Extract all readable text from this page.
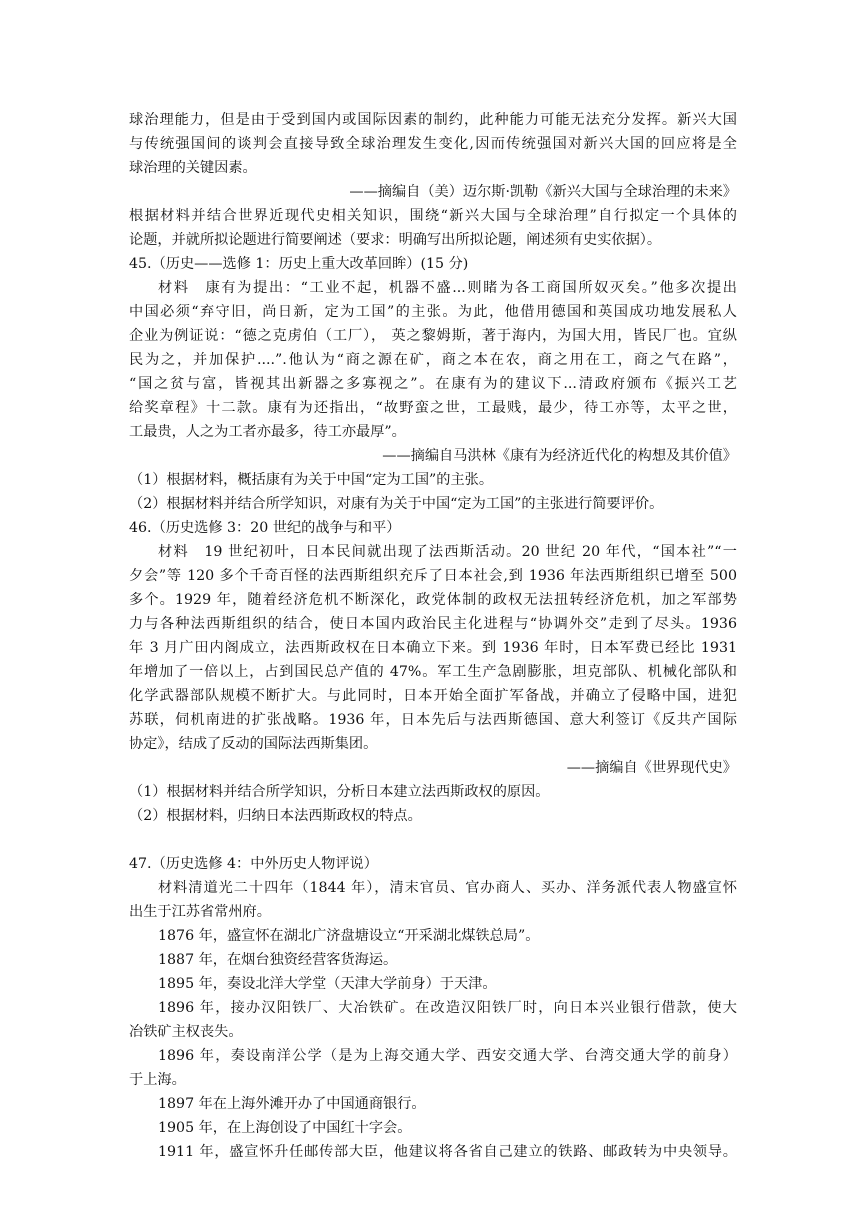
球治理能力，但是由于受到国内或国际因素的制约，此种能力可能无法充分发挥。新兴大国
与传统强国间的谈判会直接导致全球治理发生变化,因而传统强国对新兴大国的回应将是全
球治理的关键因素。
——摘编自（美）迈尔斯·凯勒《新兴大国与全球治理的未来》
根据材料并结合世界近现代史相关知识，围绕“新兴大国与全球治理”自行拟定一个具体的
论题，并就所拟论题进行简要阐述（要求：明确写出所拟论题，阐述须有史实依据）。
45.（历史——选修 1：历史上重大改革回眸）(15 分)
材料　康有为提出：“工业不起，机器不盛...则睹为各工商国所奴灭矣。”他多次提出
中国必须“弃守旧，尚日新，定为工国”的主张。为此，他借用德国和英国成功地发展私人
企业为例证说：“德之克虏伯（工厂）， 英之黎姆斯，著于海内，为国大用，皆民厂也。宜纵
民为之，并加保护....”.他认为“商之源在矿，商之本在农，商之用在工，商之气在路”，
“国之贫与富，皆视其出新器之多寡视之”。在康有为的建议下...清政府颁布《振兴工艺
给奖章程》十二款。康有为还指出，“故野蛮之世，工最贱，最少，待工亦等，太平之世，
工最贵，人之为工者亦最多，待工亦最厚”。
——摘编自马洪林《康有为经济近代化的构想及其价值》
（1）根据材料，概括康有为关于中国“定为工国”的主张。
（2）根据材料并结合所学知识，对康有为关于中国“定为工国”的主张进行简要评价。
46.（历史选修 3：20 世纪的战争与和平）
材料　19 世纪初叶，日本民间就出现了法西斯活动。20 世纪 20 年代，“国本社”“一
夕会”等 120 多个千奇百怪的法西斯组织充斥了日本社会,到 1936 年法西斯组织已增至 500
多个。1929 年，随着经济危机不断深化，政党体制的政权无法扭转经济危机，加之军部势
力与各种法西斯组织的结合，使日本国内政治民主化进程与“协调外交”走到了尽头。1936
年 3 月广田内阁成立，法西斯政权在日本确立下来。到 1936 年时，日本军费已经比 1931
年增加了一倍以上，占到国民总产值的 47%。军工生产急剧膨胀，坦克部队、机械化部队和
化学武器部队规模不断扩大。与此同时，日本开始全面扩军备战，并确立了侵略中国，进犯
苏联，伺机南进的扩张战略。1936 年，日本先后与法西斯德国、意大利签订《反共产国际
协定》，结成了反动的国际法西斯集团。
——摘编自《世界现代史》
（1）根据材料并结合所学知识，分析日本建立法西斯政权的原因。
（2）根据材料，归纳日本法西斯政权的特点。
47.（历史选修 4：中外历史人物评说）
材料清道光二十四年（1844 年），清末官员、官办商人、买办、洋务派代表人物盛宣怀
出生于江苏省常州府。
1876 年，盛宣怀在湖北广济盘塘设立“开采湖北煤铁总局”。
1887 年，在烟台独资经营客货海运。
1895 年，奏设北洋大学堂（天津大学前身）于天津。
1896 年，接办汉阳铁厂、大冶铁矿。在改造汉阳铁厂时，向日本兴业银行借款，使大
冶铁矿主权丧失。
1896 年，奏设南洋公学（是为上海交通大学、西安交通大学、台湾交通大学的前身）
于上海。
1897 年在上海外滩开办了中国通商银行。
1905 年，在上海创设了中国红十字会。
1911 年，盛宣怀升任邮传部大臣，他建议将各省自己建立的铁路、邮政转为中央领导。
